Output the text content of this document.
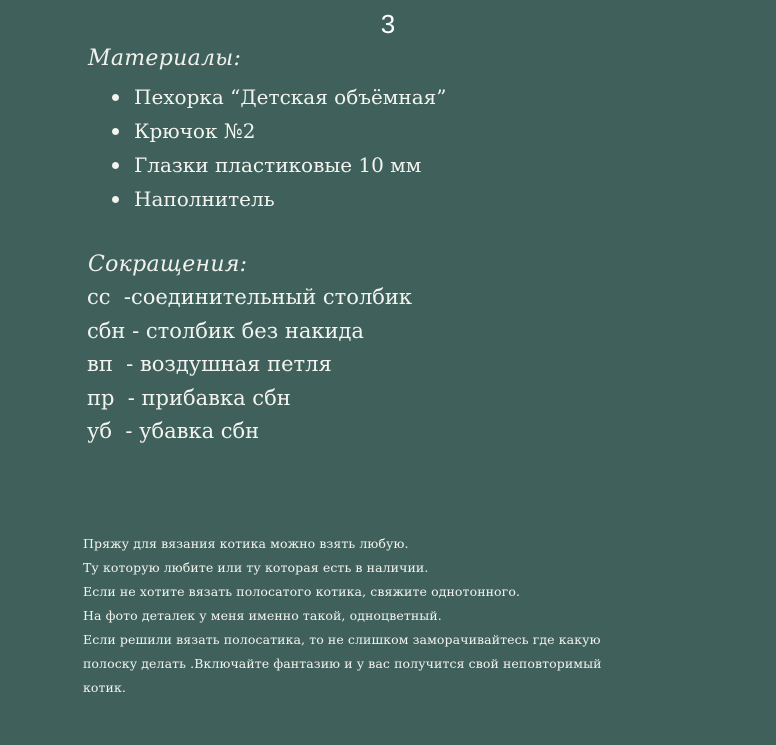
3
Материалы:
Пехорка “Детская объёмная”
Крючок №2
Глазки пластиковые 10 мм
Наполнитель
Сокращения:
сс  -соединительный столбик
сбн - столбик без накида
вп  - воздушная петля
пр  - прибавка сбн
уб  - убавка сбн
Пряжу для вязания котика можно взять любую.
Ту которую любите или ту которая есть в наличии.
Если не хотите вязать полосатого котика, свяжите однотонного.
На фото деталек у меня именно такой, одноцветный.
Если решили вязать полосатика, то не слишком заморачивайтесь где какую
полоску делать .Включайте фантазию и у вас получится свой неповторимый
котик.
